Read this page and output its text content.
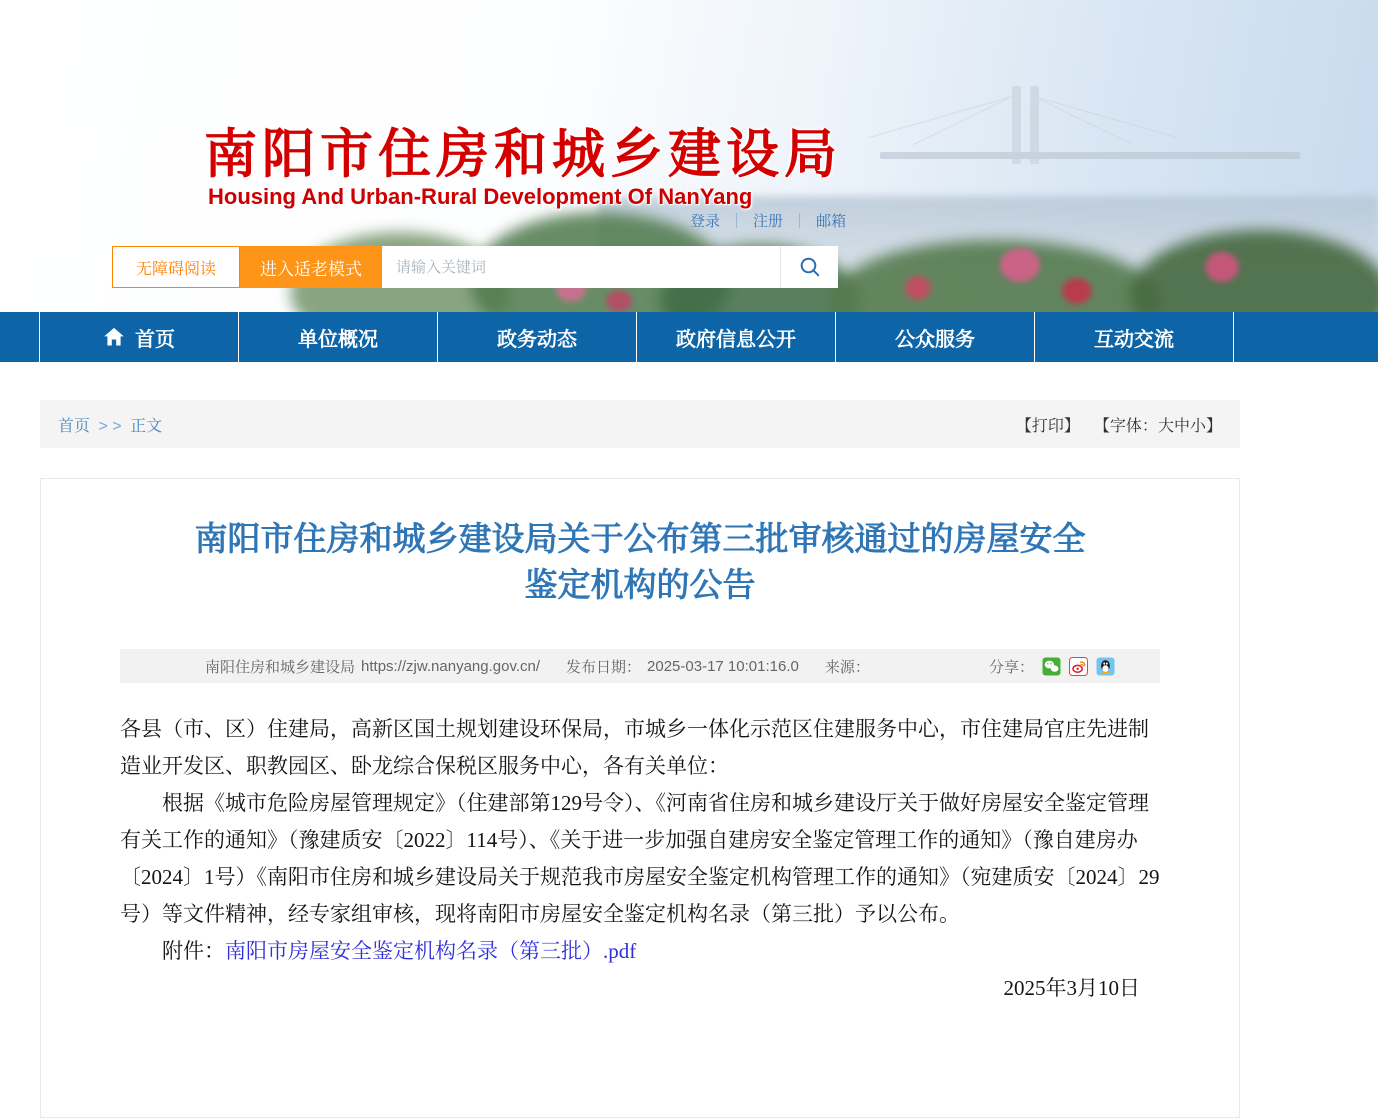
南阳市住房和城乡建设局
Housing And Urban-Rural Development Of NanYang
登录 ｜ 注册 ｜ 邮箱
无障碍阅读	进入适老模式
请输入关键词
首页	单位概况	政务动态	政府信息公开	公众服务	互动交流
首页 > > 正文	【打印】 【字体：大中小】
南阳市住房和城乡建设局关于公布第三批审核通过的房屋安全
鉴定机构的公告
南阳住房和城乡建设局 https://zjw.nanyang.gov.cn/ 发布日期： 2025-03-17 10:01:16.0 来源：	分享：

各县（市、区）住建局，高新区国土规划建设环保局，市城乡一体化示范区住建服务中心，市住建局官庄先进制造业开发区、职教园区、卧龙综合保税区服务中心，各有关单位：

根据《城市危险房屋管理规定》（住建部第129号令）、《河南省住房和城乡建设厅关于做好房屋安全鉴定管理有关工作的通知》（豫建质安〔2022〕114号）、《关于进一步加强自建房安全鉴定管理工作的通知》（豫自建房办〔2024〕1号）《南阳市住房和城乡建设局关于规范我市房屋安全鉴定机构管理工作的通知》（宛建质安〔2024〕29号）等文件精神，经专家组审核，现将南阳市房屋安全鉴定机构名录（第三批）予以公布。

附件：南阳市房屋安全鉴定机构名录（第三批）.pdf

2025年3月10日
